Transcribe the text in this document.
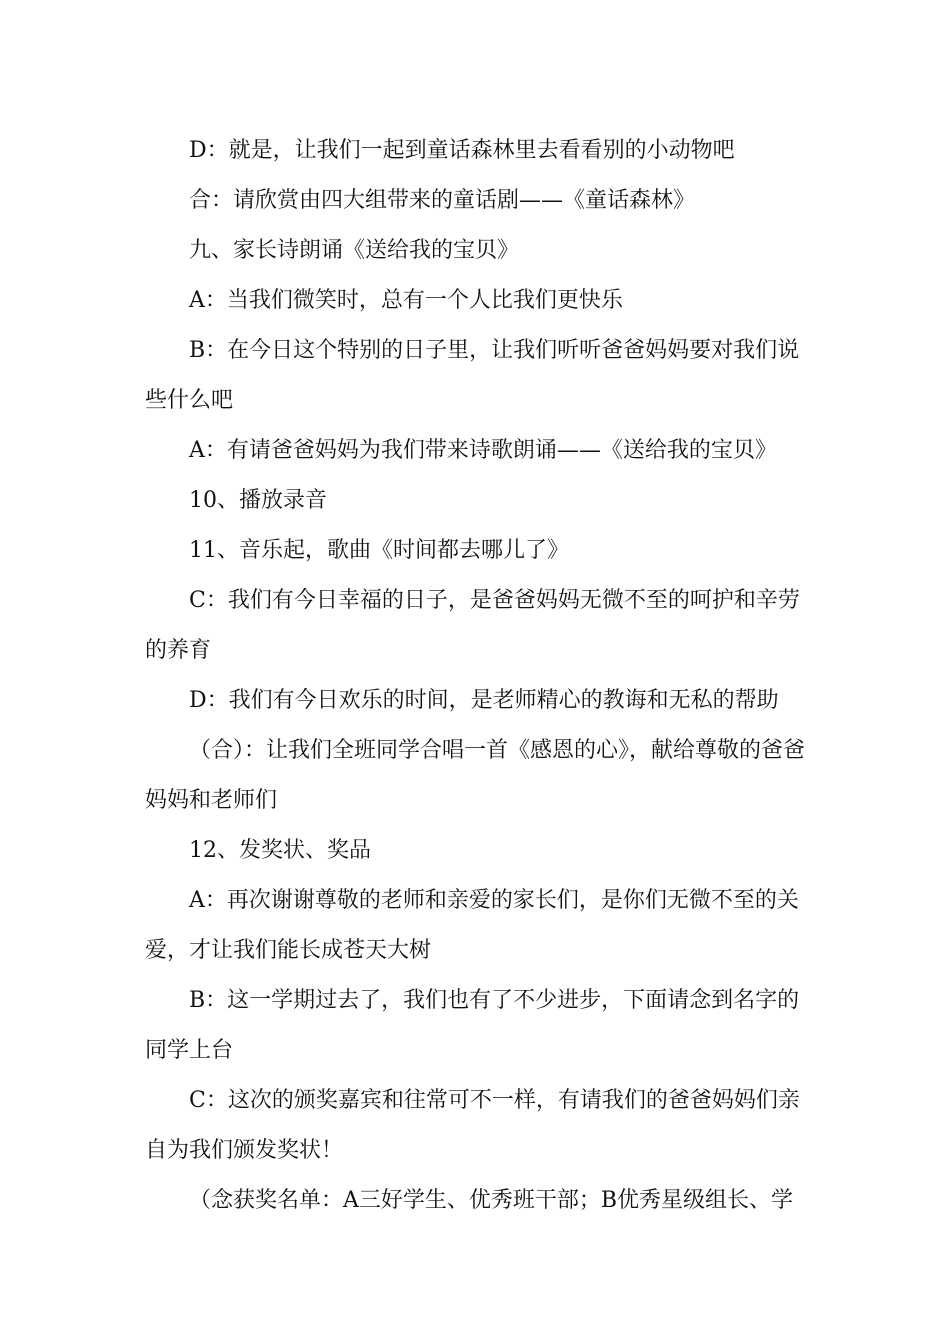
D：就是，让我们一起到童话森林里去看看别的小动物吧

合：请欣赏由四大组带来的童话剧——《童话森林》

九、家长诗朗诵《送给我的宝贝》

A：当我们微笑时，总有一个人比我们更快乐

B：在今日这个特别的日子里，让我们听听爸爸妈妈要对我们说些什么吧

A：有请爸爸妈妈为我们带来诗歌朗诵——《送给我的宝贝》

10、播放录音

11、音乐起，歌曲《时间都去哪儿了》

C：我们有今日幸福的日子，是爸爸妈妈无微不至的呵护和辛劳的养育

D：我们有今日欢乐的时间，是老师精心的教诲和无私的帮助

（合）：让我们全班同学合唱一首《感恩的心》，献给尊敬的爸爸妈妈和老师们

12、发奖状、奖品

A：再次谢谢尊敬的老师和亲爱的家长们，是你们无微不至的关爱，才让我们能长成苍天大树

B：这一学期过去了，我们也有了不少进步，下面请念到名字的同学上台

C：这次的颁奖嘉宾和往常可不一样，有请我们的爸爸妈妈们亲自为我们颁发奖状！

（念获奖名单：A三好学生、优秀班干部；B优秀星级组长、学
